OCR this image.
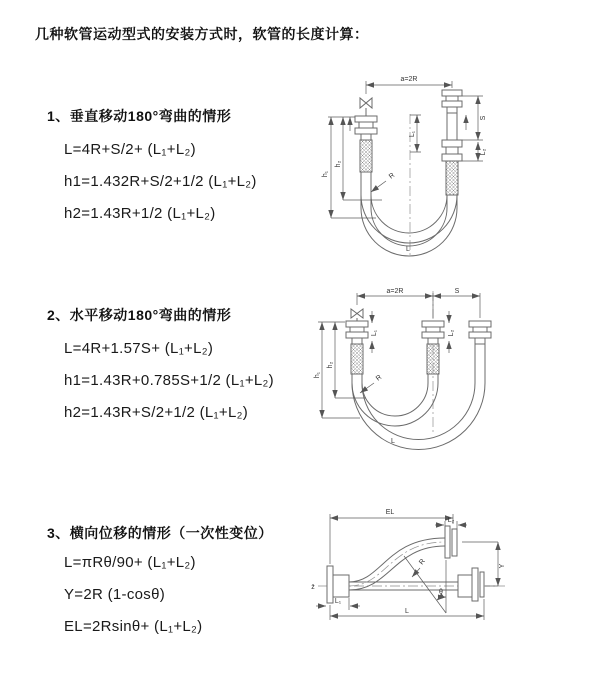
几种软管运动型式的安装方式时，软管的长度计算：
1、垂直移动180°弯曲的情形
L=4R+S/2+ (L₁+L₂)
h1=1.432R+S/2+1/2 (L₁+L₂)
h2=1.43R+1/2 (L₁+L₂)
2、水平移动180°弯曲的情形
L=4R+1.57S+ (L₁+L₂)
h1=1.43R+0.785S+1/2 (L₁+L₂)
h2=1.43R+S/2+1/2 (L₁+L₂)
3、横向位移的情形（一次性变位）
L=πRθ/90+ (L₁+L₂)
Y=2R (1-cosθ)
EL=2Rsinθ+ (L₁+L₂)
a=2R
L₁
S
L₂
h₂
h₁	R
L
a=2R	S
L₁	L₂
h₂
h₁	R
L
z̄
EL
L₂
Y
θ
R
L
L₁
